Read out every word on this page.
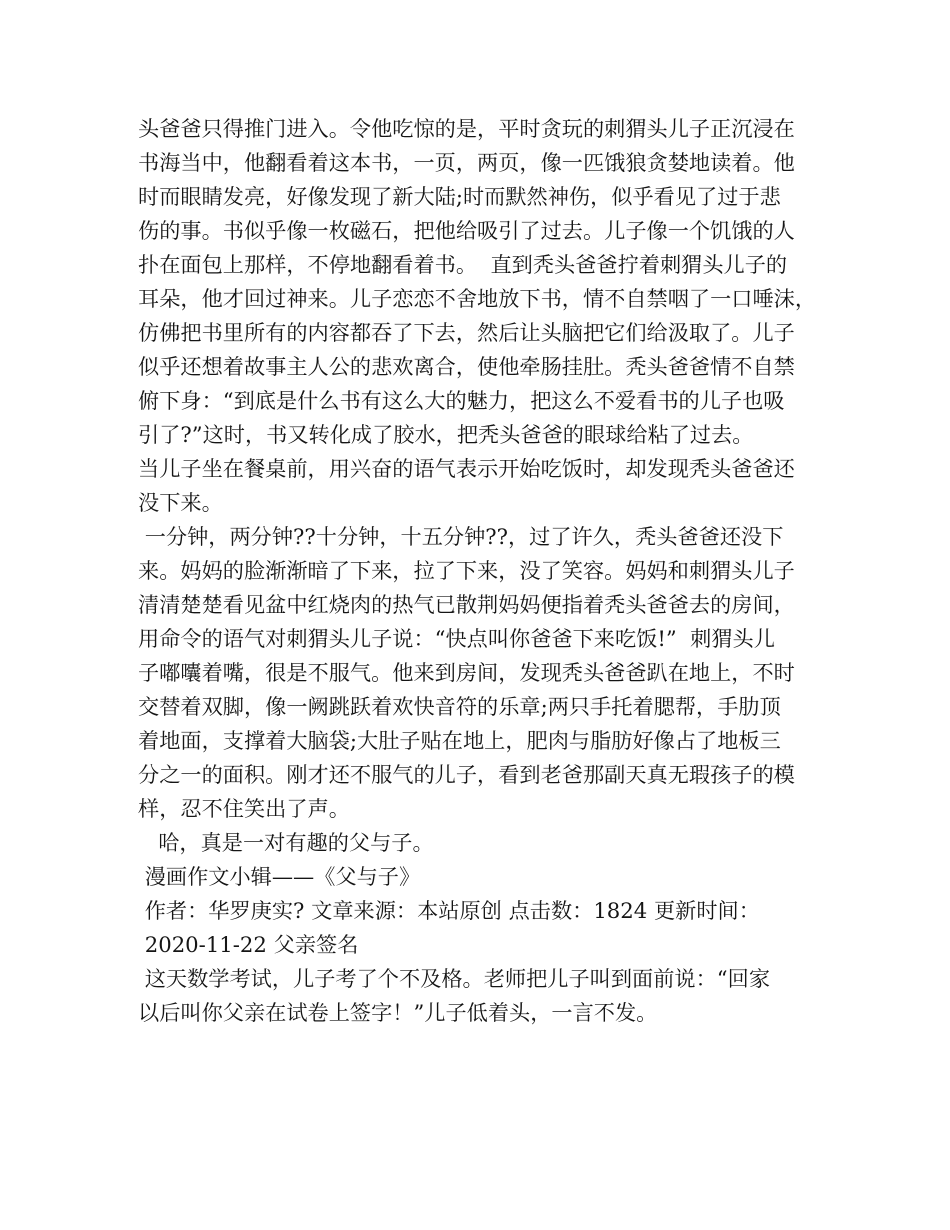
头爸爸只得推门进入。令他吃惊的是，平时贪玩的刺猬头儿子正沉浸在
书海当中，他翻看着这本书，一页，两页，像一匹饿狼贪婪地读着。他
时而眼睛发亮，好像发现了新大陆;时而默然神伤，似乎看见了过于悲
伤的事。书似乎像一枚磁石，把他给吸引了过去。儿子像一个饥饿的人
扑在面包上那样，不停地翻看着书。  直到秃头爸爸拧着刺猬头儿子的
耳朵，他才回过神来。儿子恋恋不舍地放下书，情不自禁咽了一口唾沫，
仿佛把书里所有的内容都吞了下去，然后让头脑把它们给汲取了。儿子
似乎还想着故事主人公的悲欢离合，使他牵肠挂肚。秃头爸爸情不自禁
俯下身：“到底是什么书有这么大的魅力，把这么不爱看书的儿子也吸
引了?”这时，书又转化成了胶水，把秃头爸爸的眼球给粘了过去。
当儿子坐在餐桌前，用兴奋的语气表示开始吃饭时，却发现秃头爸爸还
没下来。
一分钟，两分钟??十分钟，十五分钟??，过了许久，秃头爸爸还没下
来。妈妈的脸渐渐暗了下来，拉了下来，没了笑容。妈妈和刺猬头儿子
清清楚楚看见盆中红烧肉的热气已散荆妈妈便指着秃头爸爸去的房间，
用命令的语气对刺猬头儿子说：“快点叫你爸爸下来吃饭!”  刺猬头儿
子嘟囔着嘴，很是不服气。他来到房间，发现秃头爸爸趴在地上，不时
交替着双脚，像一阙跳跃着欢快音符的乐章;两只手托着腮帮，手肋顶
着地面，支撑着大脑袋;大肚子贴在地上，肥肉与脂肪好像占了地板三
分之一的面积。刚才还不服气的儿子，看到老爸那副天真无瑕孩子的模
样，忍不住笑出了声。
哈，真是一对有趣的父与子。
漫画作文小辑——《父与子》
作者：华罗庚实? 文章来源：本站原创 点击数：1824 更新时间：
2020-11-22 父亲签名
这天数学考试，儿子考了个不及格。老师把儿子叫到面前说：“回家
以后叫你父亲在试卷上签字！”儿子低着头，一言不发。
